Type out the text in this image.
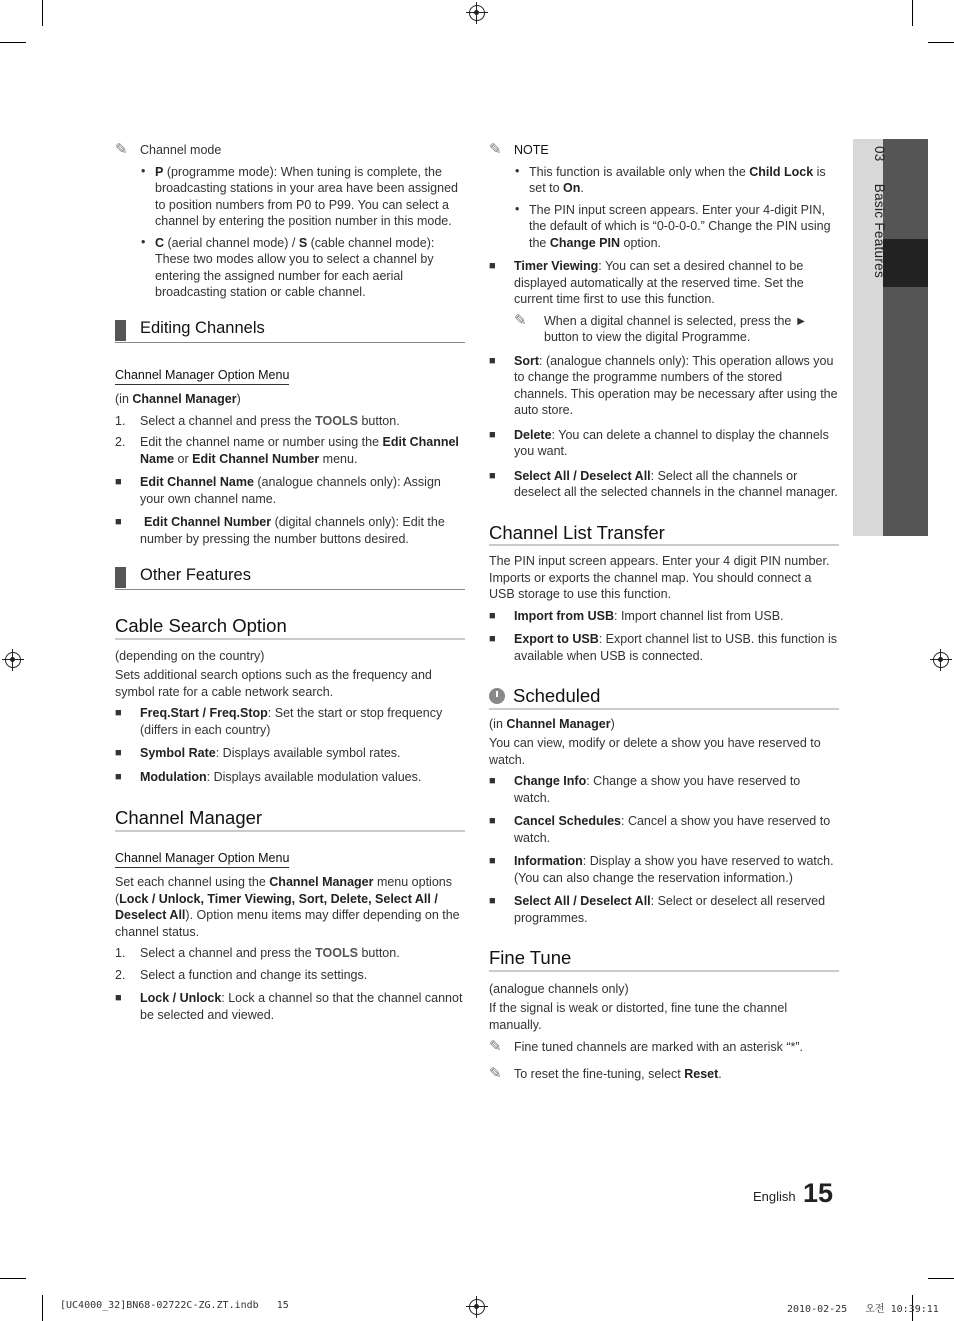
03   Basic Features
✎ Channel mode
• P (programme mode): When tuning is complete, the broadcasting stations in your area have been assigned to position numbers from P0 to P99. You can select a channel by entering the position number in this mode.
• C (aerial channel mode) / S (cable channel mode): These two modes allow you to select a channel by entering the assigned number for each aerial broadcasting station or cable channel.
Editing Channels
Channel Manager Option Menu

(in Channel Manager)

1. Select a channel and press the TOOLS button.
2. Edit the channel name or number using the Edit Channel Name or Edit Channel Number menu.
■ Edit Channel Name (analogue channels only): Assign your own channel name.
■ Edit Channel Number (digital channels only): Edit the number by pressing the number buttons desired.
Other Features
Cable Search Option

(depending on the country)

Sets additional search options such as the frequency and symbol rate for a cable network search.

■ Freq.Start / Freq.Stop: Set the start or stop frequency (differs in each country)
■ Symbol Rate: Displays available symbol rates.
■ Modulation: Displays available modulation values.
Channel Manager
Channel Manager Option Menu

Set each channel using the Channel Manager menu options (Lock / Unlock, Timer Viewing, Sort, Delete, Select All / Deselect All). Option menu items may differ depending on the channel status.

1. Select a channel and press the TOOLS button.
2. Select a function and change its settings.
■ Lock / Unlock: Lock a channel so that the channel cannot be selected and viewed.
✎ NOTE
• This function is available only when the Child Lock is set to On.
• The PIN input screen appears. Enter your 4-digit PIN, the default of which is “0-0-0-0.” Change the PIN using the Change PIN option.
■ Timer Viewing: You can set a desired channel to be displayed automatically at the reserved time. Set the current time first to use this function.
✎ When a digital channel is selected, press the ► button to view the digital Programme.
■ Sort: (analogue channels only): This operation allows you to change the programme numbers of the stored channels. This operation may be necessary after using the auto store.
■ Delete: You can delete a channel to display the channels you want.
■ Select All / Deselect All: Select all the channels or deselect all the selected channels in the channel manager.
Channel List Transfer

The PIN input screen appears. Enter your 4 digit PIN number. Imports or exports the channel map. You should connect a USB storage to use this function.

■ Import from USB: Import channel list from USB.
■ Export to USB: Export channel list to USB. this function is available when USB is connected.
Scheduled

(in Channel Manager)

You can view, modify or delete a show you have reserved to watch.

■ Change Info: Change a show you have reserved to watch.
■ Cancel Schedules: Cancel a show you have reserved to watch.
■ Information: Display a show you have reserved to watch. (You can also change the reservation information.)
■ Select All / Deselect All: Select or deselect all reserved programmes.
Fine Tune

(analogue channels only)

If the signal is weak or distorted, fine tune the channel manually.

✎ Fine tuned channels are marked with an asterisk “*”.
✎ To reset the fine-tuning, select Reset.
English 15
[UC4000_32]BN68-02722C-ZG.ZT.indb   15	2010-02-25   오전 10:39:11
